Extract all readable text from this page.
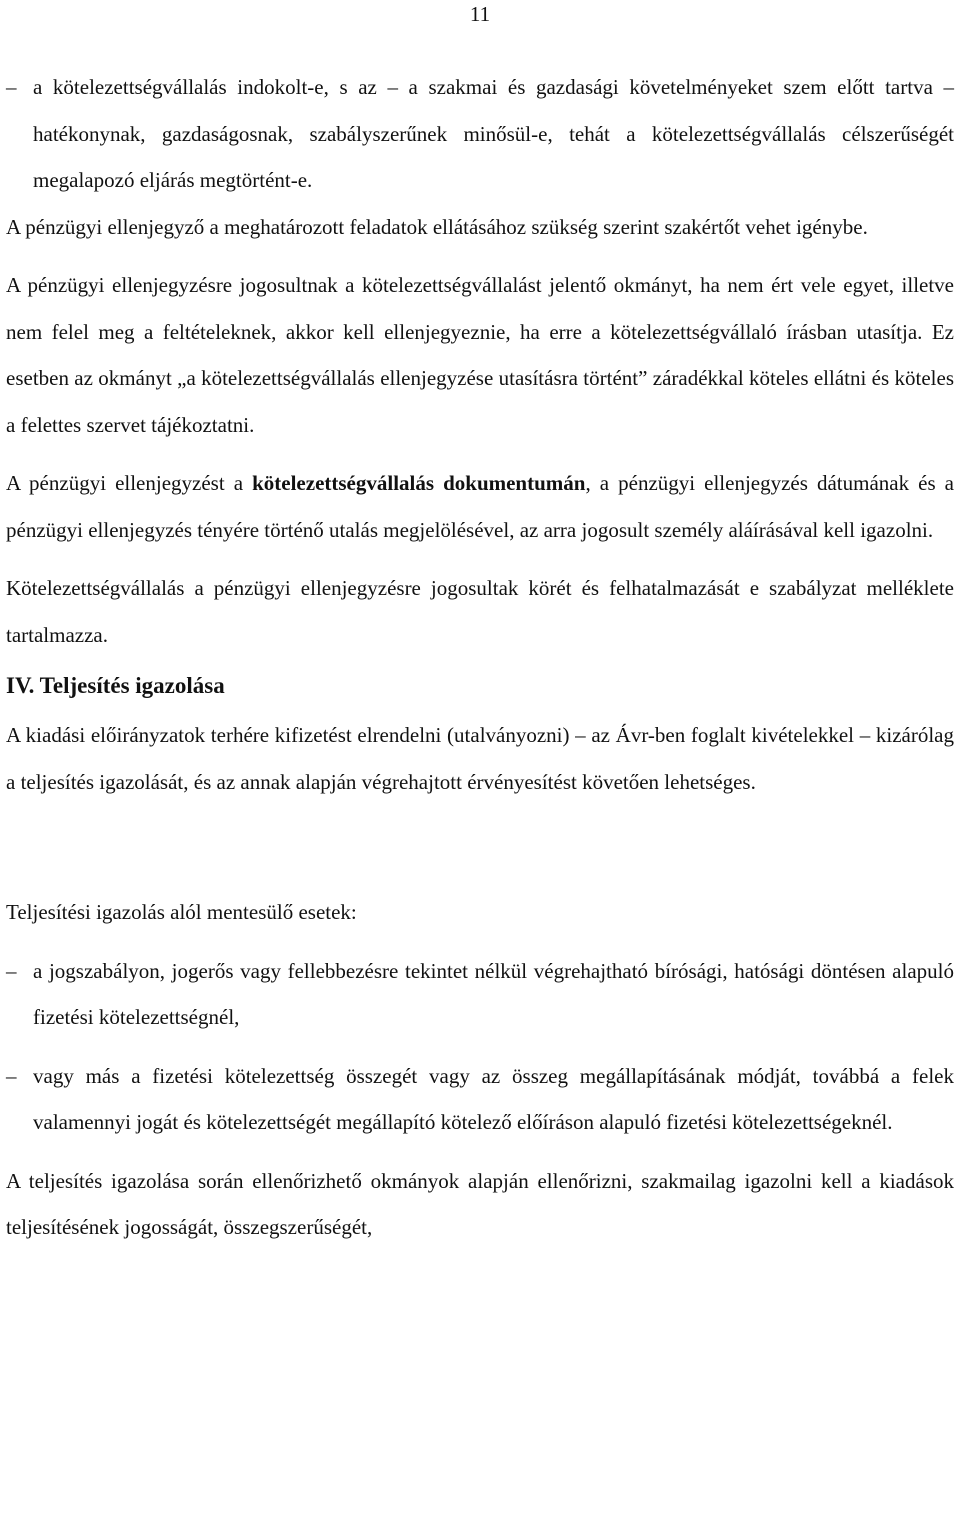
11

– a kötelezettségvállalás indokolt-e, s az – a szakmai és gazdasági követelményeket szem előtt tartva – hatékonynak, gazdaságosnak, szabályszerűnek minősül-e, tehát a kötelezettségvállalás célszerűségét megalapozó eljárás megtörtént-e.

A pénzügyi ellenjegyző a meghatározott feladatok ellátásához szükség szerint szakértőt vehet igénybe.

A pénzügyi ellenjegyzésre jogosultnak a kötelezettségvállalást jelentő okmányt, ha nem ért vele egyet, illetve nem felel meg a feltételeknek, akkor kell ellenjegyeznie, ha erre a kötelezettségvállaló írásban utasítja. Ez esetben az okmányt „a kötelezettségvállalás ellenjegyzése utasításra történt” záradékkal köteles ellátni és köteles a felettes szervet tájékoztatni.

A pénzügyi ellenjegyzést a kötelezettségvállalás dokumentumán, a pénzügyi ellenjegyzés dátumának és a pénzügyi ellenjegyzés tényére történő utalás megjelölésével, az arra jogosult személy aláírásával kell igazolni.

Kötelezettségvállalás a pénzügyi ellenjegyzésre jogosultak körét és felhatalmazását e szabályzat melléklete tartalmazza.

IV. Teljesítés igazolása

A kiadási előirányzatok terhére kifizetést elrendelni (utalványozni) – az Ávr-ben foglalt kivételekkel – kizárólag a teljesítés igazolását, és az annak alapján végrehajtott érvényesítést követően lehetséges.

Teljesítési igazolás alól mentesülő esetek:

– a jogszabályon, jogerős vagy fellebbezésre tekintet nélkül végrehajtható bírósági, hatósági döntésen alapuló fizetési kötelezettségnél,

– vagy más a fizetési kötelezettség összegét vagy az összeg megállapításának módját, továbbá a felek valamennyi jogát és kötelezettségét megállapító kötelező előíráson alapuló fizetési kötelezettségeknél.

A teljesítés igazolása során ellenőrizhető okmányok alapján ellenőrizni, szakmailag igazolni kell a kiadások teljesítésének jogosságát, összegszerűségét,
